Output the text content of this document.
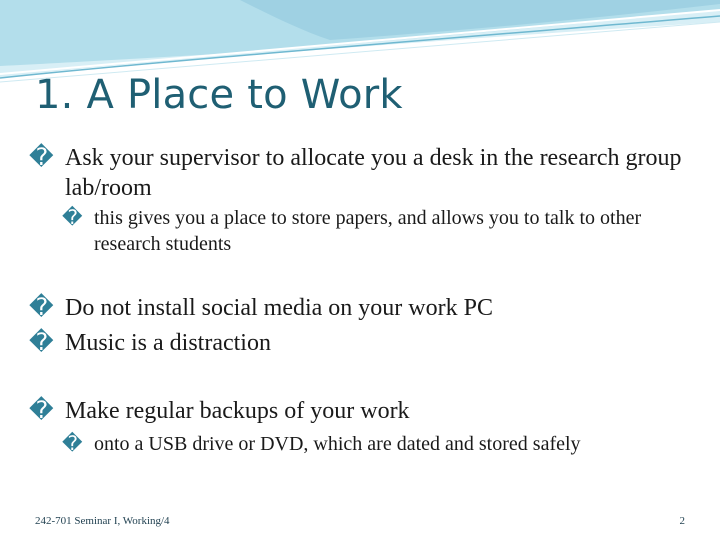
1. A Place to Work
� Ask your supervisor to allocate you a desk in the research group lab/room
� this gives you a place to store papers, and allows you to talk to other research students
� Do not install social media on your work PC
� Music is a distraction
� Make regular backups of your work
� onto a USB drive or DVD, which are dated and stored safely
242-701 Seminar I, Working/4	2
